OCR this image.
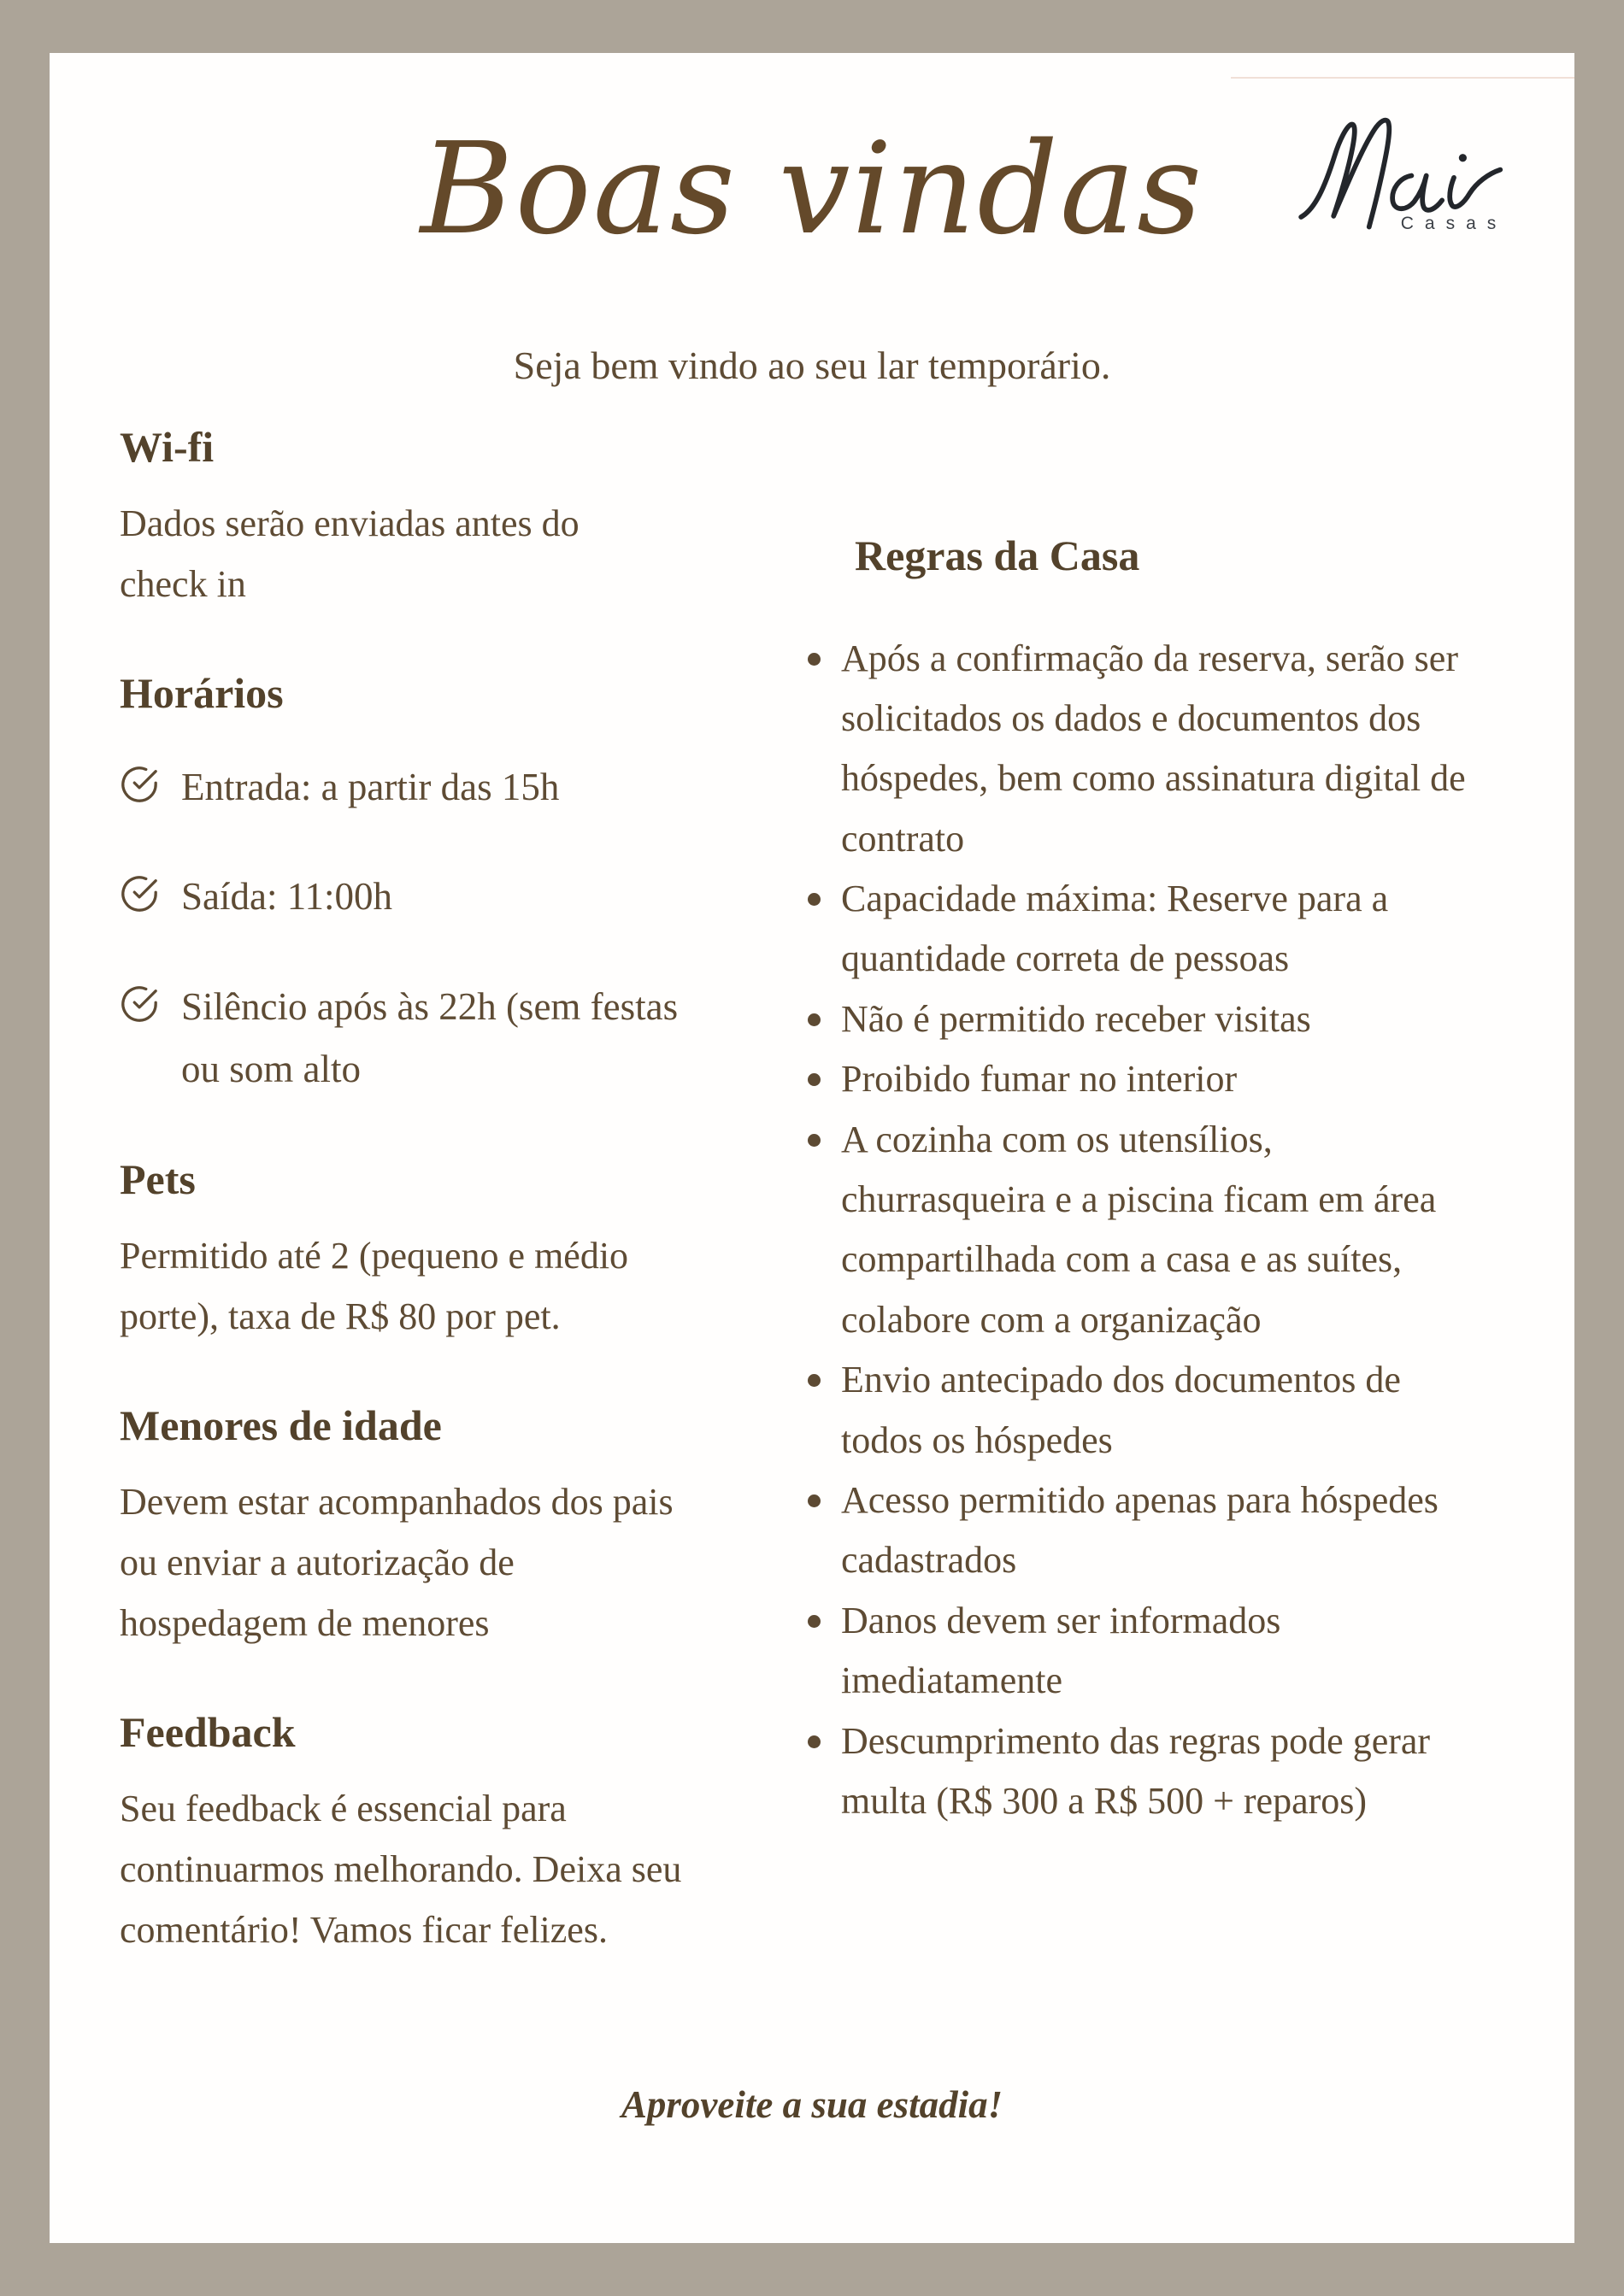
Boas vindas	Casas
Seja bem vindo ao seu lar temporário.
Wi-fi

Dados serão enviadas antes do check in

Horários
Entrada: a partir das 15h
Saída: 11:00h
Silêncio após às 22h (sem festas ou som alto
Pets

Permitido até 2 (pequeno e médio porte), taxa de R$ 80 por pet.

Menores de idade

Devem estar acompanhados dos pais ou enviar a autorização de hospedagem de menores

Feedback

Seu feedback é essencial para continuarmos melhorando. Deixa seu comentário! Vamos ficar felizes.

Regras da Casa
Após a confirmação da reserva, serão ser solicitados os dados e documentos dos hóspedes, bem como assinatura digital de contrato
Capacidade máxima: Reserve para a quantidade correta de pessoas
Não é permitido receber visitas
Proibido fumar no interior
A cozinha com os utensílios, churrasqueira e a piscina ficam em área compartilhada com a casa e as suítes, colabore com a organização
Envio antecipado dos documentos de todos os hóspedes
Acesso permitido apenas para hóspedes cadastrados
Danos devem ser informados imediatamente
Descumprimento das regras pode gerar multa (R$ 300 a R$ 500 + reparos)
Aproveite a sua estadia!
